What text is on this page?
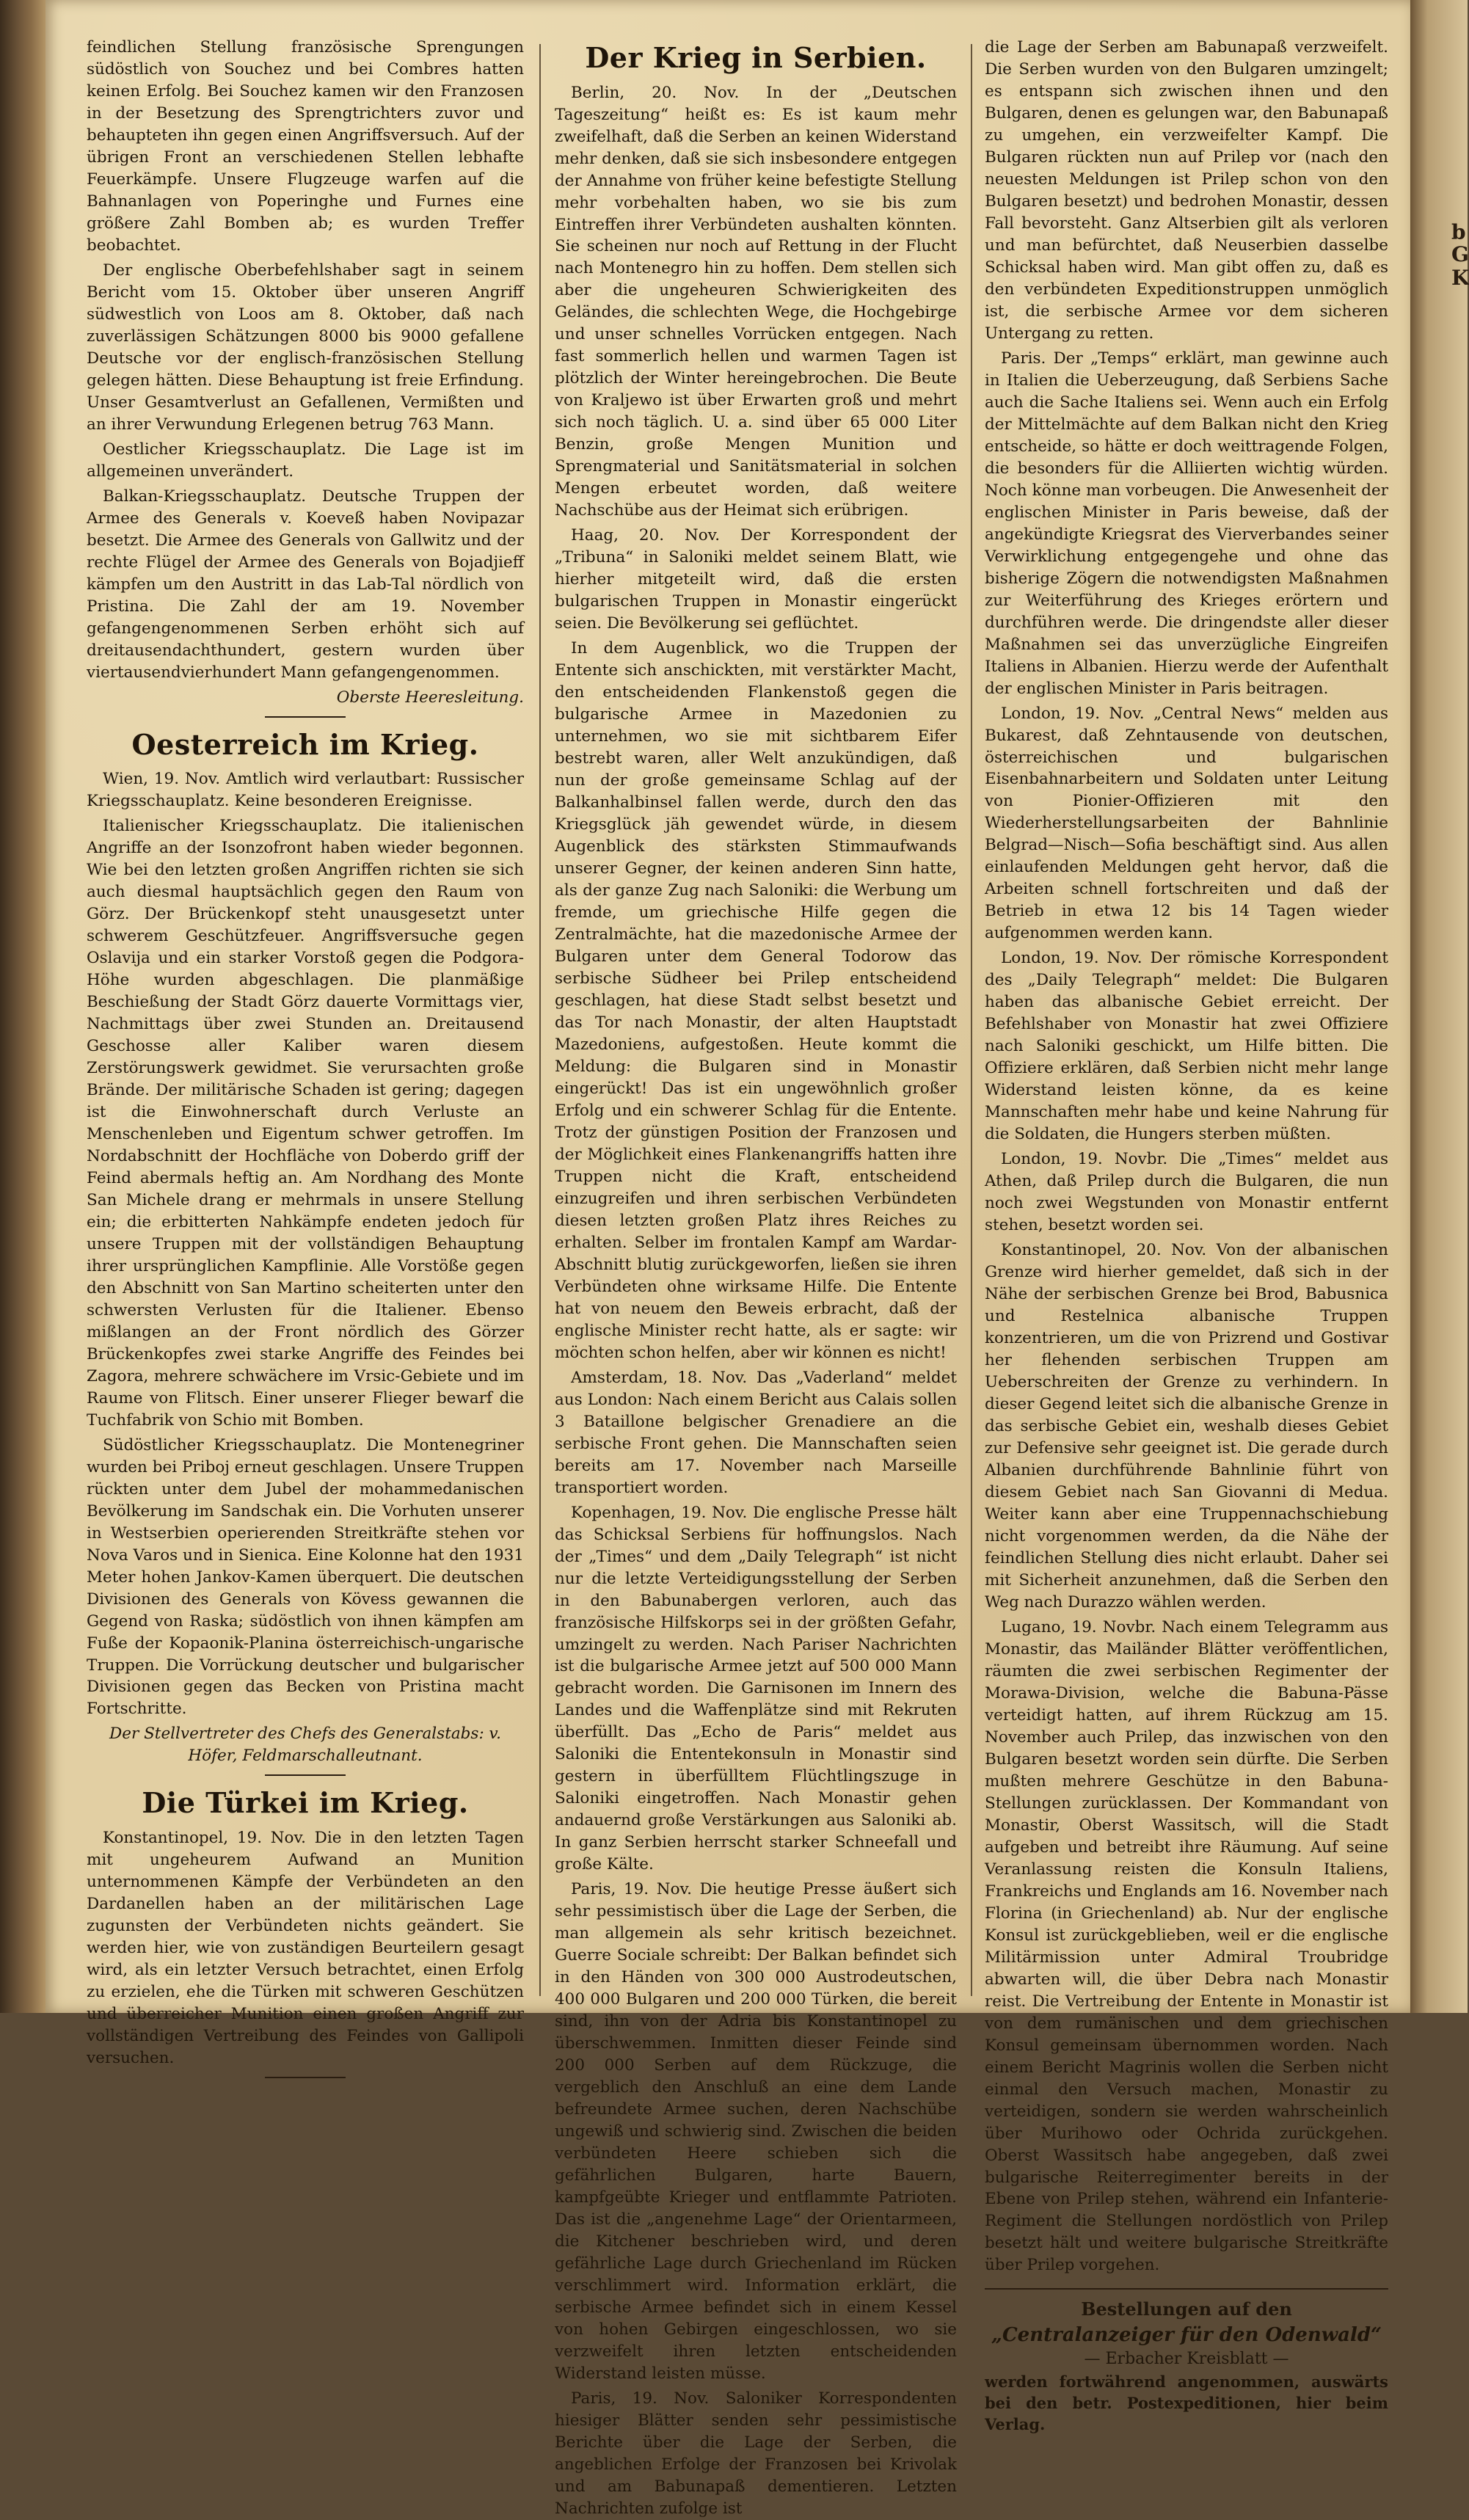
feindlichen Stellung französische Sprengungen südöstlich von Souchez und bei Combres hatten keinen Erfolg. Bei Souchez kamen wir den Franzosen in der Besetzung des Sprengtrichters zuvor und behaupteten ihn gegen einen Angriffsversuch. Auf der übrigen Front an verschiedenen Stellen lebhafte Feuerkämpfe. Unsere Flugzeuge warfen auf die Bahnanlagen von Poperinghe und Furnes eine größere Zahl Bomben ab; es wurden Treffer beobachtet.

Der englische Oberbefehlshaber sagt in seinem Bericht vom 15. Oktober über unseren Angriff südwestlich von Loos am 8. Oktober, daß nach zuverlässigen Schätzungen 8000 bis 9000 gefallene Deutsche vor der englisch-französischen Stellung gelegen hätten. Diese Behauptung ist freie Erfindung. Unser Gesamtverlust an Gefallenen, Vermißten und an ihrer Verwundung Erlegenen betrug 763 Mann.

Oestlicher Kriegsschauplatz. Die Lage ist im allgemeinen unverändert.

Balkan-Kriegsschauplatz. Deutsche Truppen der Armee des Generals v. Koeveß haben Novipazar besetzt. Die Armee des Generals von Gallwitz und der rechte Flügel der Armee des Generals von Bojadjieff kämpfen um den Austritt in das Lab-Tal nördlich von Pristina. Die Zahl der am 19. November gefangengenommenen Serben erhöht sich auf dreitausendachthundert, gestern wurden über viertausendvierhundert Mann gefangengenommen.

Oberste Heeresleitung.
Oesterreich im Krieg.

Wien, 19. Nov. Amtlich wird verlautbart: Russischer Kriegsschauplatz. Keine besonderen Ereignisse.

Italienischer Kriegsschauplatz. Die italienischen Angriffe an der Isonzofront haben wieder begonnen. Wie bei den letzten großen Angriffen richten sie sich auch diesmal hauptsächlich gegen den Raum von Görz. Der Brückenkopf steht unausgesetzt unter schwerem Geschützfeuer. Angriffsversuche gegen Oslavija und ein starker Vorstoß gegen die Podgora-Höhe wurden abgeschlagen. Die planmäßige Beschießung der Stadt Görz dauerte Vormittags vier, Nachmittags über zwei Stunden an. Dreitausend Geschosse aller Kaliber waren diesem Zerstörungswerk gewidmet. Sie verursachten große Brände. Der militärische Schaden ist gering; dagegen ist die Einwohnerschaft durch Verluste an Menschenleben und Eigentum schwer getroffen. Im Nordabschnitt der Hochfläche von Doberdo griff der Feind abermals heftig an. Am Nordhang des Monte San Michele drang er mehrmals in unsere Stellung ein; die erbitterten Nahkämpfe endeten jedoch für unsere Truppen mit der vollständigen Behauptung ihrer ursprünglichen Kampflinie. Alle Vorstöße gegen den Abschnitt von San Martino scheiterten unter den schwersten Verlusten für die Italiener. Ebenso mißlangen an der Front nördlich des Görzer Brückenkopfes zwei starke Angriffe des Feindes bei Zagora, mehrere schwächere im Vrsic-Gebiete und im Raume von Flitsch. Einer unserer Flieger bewarf die Tuchfabrik von Schio mit Bomben.

Südöstlicher Kriegsschauplatz. Die Montenegriner wurden bei Priboj erneut geschlagen. Unsere Truppen rückten unter dem Jubel der mohammedanischen Bevölkerung im Sandschak ein. Die Vorhuten unserer in Westserbien operierenden Streitkräfte stehen vor Nova Varos und in Sienica. Eine Kolonne hat den 1931 Meter hohen Jankov-Kamen überquert. Die deutschen Divisionen des Generals von Kövess gewannen die Gegend von Raska; südöstlich von ihnen kämpfen am Fuße der Kopaonik-Planina österreichisch-ungarische Truppen. Die Vorrückung deutscher und bulgarischer Divisionen gegen das Becken von Pristina macht Fortschritte.

Der Stellvertreter des Chefs des Generalstabs: v. Höfer, Feldmarschalleutnant.
Die Türkei im Krieg.

Konstantinopel, 19. Nov. Die in den letzten Tagen mit ungeheurem Aufwand an Munition unternommenen Kämpfe der Verbündeten an den Dardanellen haben an der militärischen Lage zugunsten der Verbündeten nichts geändert. Sie werden hier, wie von zuständigen Beurteilern gesagt wird, als ein letzter Versuch betrachtet, einen Erfolg zu erzielen, ehe die Türken mit schweren Geschützen und überreicher Munition einen großen Angriff zur vollständigen Vertreibung des Feindes von Gallipoli versuchen.

Der Krieg in Serbien.

Berlin, 20. Nov. In der „Deutschen Tageszeitung“ heißt es: Es ist kaum mehr zweifelhaft, daß die Serben an keinen Widerstand mehr denken, daß sie sich insbesondere entgegen der Annahme von früher keine befestigte Stellung mehr vorbehalten haben, wo sie bis zum Eintreffen ihrer Verbündeten aushalten könnten. Sie scheinen nur noch auf Rettung in der Flucht nach Montenegro hin zu hoffen. Dem stellen sich aber die ungeheuren Schwierigkeiten des Geländes, die schlechten Wege, die Hochgebirge und unser schnelles Vorrücken entgegen. Nach fast sommerlich hellen und warmen Tagen ist plötzlich der Winter hereingebrochen. Die Beute von Kraljewo ist über Erwarten groß und mehrt sich noch täglich. U. a. sind über 65 000 Liter Benzin, große Mengen Munition und Sprengmaterial und Sanitätsmaterial in solchen Mengen erbeutet worden, daß weitere Nachschübe aus der Heimat sich erübrigen.

Haag, 20. Nov. Der Korrespondent der „Tribuna“ in Saloniki meldet seinem Blatt, wie hierher mitgeteilt wird, daß die ersten bulgarischen Truppen in Monastir eingerückt seien. Die Bevölkerung sei geflüchtet.

In dem Augenblick, wo die Truppen der Entente sich anschickten, mit verstärkter Macht, den entscheidenden Flankenstoß gegen die bulgarische Armee in Mazedonien zu unternehmen, wo sie mit sichtbarem Eifer bestrebt waren, aller Welt anzukündigen, daß nun der große gemeinsame Schlag auf der Balkanhalbinsel fallen werde, durch den das Kriegsglück jäh gewendet würde, in diesem Augenblick des stärksten Stimmaufwands unserer Gegner, der keinen anderen Sinn hatte, als der ganze Zug nach Saloniki: die Werbung um fremde, um griechische Hilfe gegen die Zentralmächte, hat die mazedonische Armee der Bulgaren unter dem General Todorow das serbische Südheer bei Prilep entscheidend geschlagen, hat diese Stadt selbst besetzt und das Tor nach Monastir, der alten Hauptstadt Mazedoniens, aufgestoßen. Heute kommt die Meldung: die Bulgaren sind in Monastir eingerückt! Das ist ein ungewöhnlich großer Erfolg und ein schwerer Schlag für die Entente. Trotz der günstigen Position der Franzosen und der Möglichkeit eines Flankenangriffs hatten ihre Truppen nicht die Kraft, entscheidend einzugreifen und ihren serbischen Verbündeten diesen letzten großen Platz ihres Reiches zu erhalten. Selber im frontalen Kampf am Wardar-Abschnitt blutig zurückgeworfen, ließen sie ihren Verbündeten ohne wirksame Hilfe. Die Entente hat von neuem den Beweis erbracht, daß der englische Minister recht hatte, als er sagte: wir möchten schon helfen, aber wir können es nicht!

Amsterdam, 18. Nov. Das „Vaderland“ meldet aus London: Nach einem Bericht aus Calais sollen 3 Bataillone belgischer Grenadiere an die serbische Front gehen. Die Mannschaften seien bereits am 17. November nach Marseille transportiert worden.

Kopenhagen, 19. Nov. Die englische Presse hält das Schicksal Serbiens für hoffnungslos. Nach der „Times“ und dem „Daily Telegraph“ ist nicht nur die letzte Verteidigungsstellung der Serben in den Babunabergen verloren, auch das französische Hilfskorps sei in der größten Gefahr, umzingelt zu werden. Nach Pariser Nachrichten ist die bulgarische Armee jetzt auf 500 000 Mann gebracht worden. Die Garnisonen im Innern des Landes und die Waffenplätze sind mit Rekruten überfüllt. Das „Echo de Paris“ meldet aus Saloniki die Ententekonsuln in Monastir sind gestern in überfülltem Flüchtlingszuge in Saloniki eingetroffen. Nach Monastir gehen andauernd große Verstärkungen aus Saloniki ab. In ganz Serbien herrscht starker Schneefall und große Kälte.

Paris, 19. Nov. Die heutige Presse äußert sich sehr pessimistisch über die Lage der Serben, die man allgemein als sehr kritisch bezeichnet. Guerre Sociale schreibt: Der Balkan befindet sich in den Händen von 300 000 Austrodeutschen, 400 000 Bulgaren und 200 000 Türken, die bereit sind, ihn von der Adria bis Konstantinopel zu überschwemmen. Inmitten dieser Feinde sind 200 000 Serben auf dem Rückzuge, die vergeblich den Anschluß an eine dem Lande befreundete Armee suchen, deren Nachschübe ungewiß und schwierig sind. Zwischen die beiden verbündeten Heere schieben sich die gefährlichen Bulgaren, harte Bauern, kampfgeübte Krieger und entflammte Patrioten. Das ist die „angenehme Lage“ der Orientarmeen, die Kitchener beschrieben wird, und deren gefährliche Lage durch Griechenland im Rücken verschlimmert wird. Information erklärt, die serbische Armee befindet sich in einem Kessel von hohen Gebirgen eingeschlossen, wo sie verzweifelt ihren letzten entscheidenden Widerstand leisten müsse.

Paris, 19. Nov. Saloniker Korrespondenten hiesiger Blätter senden sehr pessimistische Berichte über die Lage der Serben, die angeblichen Erfolge der Franzosen bei Krivolak und am Babunapaß dementieren. Letzten Nachrichten zufolge ist

die Lage der Serben am Babunapaß verzweifelt. Die Serben wurden von den Bulgaren umzingelt; es entspann sich zwischen ihnen und den Bulgaren, denen es gelungen war, den Babunapaß zu umgehen, ein verzweifelter Kampf. Die Bulgaren rückten nun auf Prilep vor (nach den neuesten Meldungen ist Prilep schon von den Bulgaren besetzt) und bedrohen Monastir, dessen Fall bevorsteht. Ganz Altserbien gilt als verloren und man befürchtet, daß Neuserbien dasselbe Schicksal haben wird. Man gibt offen zu, daß es den verbündeten Expeditionstruppen unmöglich ist, die serbische Armee vor dem sicheren Untergang zu retten.

Paris. Der „Temps“ erklärt, man gewinne auch in Italien die Ueberzeugung, daß Serbiens Sache auch die Sache Italiens sei. Wenn auch ein Erfolg der Mittelmächte auf dem Balkan nicht den Krieg entscheide, so hätte er doch weittragende Folgen, die besonders für die Alliierten wichtig würden. Noch könne man vorbeugen. Die Anwesenheit der englischen Minister in Paris beweise, daß der angekündigte Kriegsrat des Vierverbandes seiner Verwirklichung entgegengehe und ohne das bisherige Zögern die notwendigsten Maßnahmen zur Weiterführung des Krieges erörtern und durchführen werde. Die dringendste aller dieser Maßnahmen sei das unverzügliche Eingreifen Italiens in Albanien. Hierzu werde der Aufenthalt der englischen Minister in Paris beitragen.

London, 19. Nov. „Central News“ melden aus Bukarest, daß Zehntausende von deutschen, österreichischen und bulgarischen Eisenbahnarbeitern und Soldaten unter Leitung von Pionier-Offizieren mit den Wiederherstellungsarbeiten der Bahnlinie Belgrad—Nisch—Sofia beschäftigt sind. Aus allen einlaufenden Meldungen geht hervor, daß die Arbeiten schnell fortschreiten und daß der Betrieb in etwa 12 bis 14 Tagen wieder aufgenommen werden kann.

London, 19. Nov. Der römische Korrespondent des „Daily Telegraph“ meldet: Die Bulgaren haben das albanische Gebiet erreicht. Der Befehlshaber von Monastir hat zwei Offiziere nach Saloniki geschickt, um Hilfe bitten. Die Offiziere erklären, daß Serbien nicht mehr lange Widerstand leisten könne, da es keine Mannschaften mehr habe und keine Nahrung für die Soldaten, die Hungers sterben müßten.

London, 19. Novbr. Die „Times“ meldet aus Athen, daß Prilep durch die Bulgaren, die nun noch zwei Wegstunden von Monastir entfernt stehen, besetzt worden sei.

Konstantinopel, 20. Nov. Von der albanischen Grenze wird hierher gemeldet, daß sich in der Nähe der serbischen Grenze bei Brod, Babusnica und Restelnica albanische Truppen konzentrieren, um die von Prizrend und Gostivar her flehenden serbischen Truppen am Ueberschreiten der Grenze zu verhindern. In dieser Gegend leitet sich die albanische Grenze in das serbische Gebiet ein, weshalb dieses Gebiet zur Defensive sehr geeignet ist. Die gerade durch Albanien durchführende Bahnlinie führt von diesem Gebiet nach San Giovanni di Medua. Weiter kann aber eine Truppennachschiebung nicht vorgenommen werden, da die Nähe der feindlichen Stellung dies nicht erlaubt. Daher sei mit Sicherheit anzunehmen, daß die Serben den Weg nach Durazzo wählen werden.

Lugano, 19. Novbr. Nach einem Telegramm aus Monastir, das Mailänder Blätter veröffentlichen, räumten die zwei serbischen Regimenter der Morawa-Division, welche die Babuna-Pässe verteidigt hatten, auf ihrem Rückzug am 15. November auch Prilep, das inzwischen von den Bulgaren besetzt worden sein dürfte. Die Serben mußten mehrere Geschütze in den Babuna-Stellungen zurücklassen. Der Kommandant von Monastir, Oberst Wassitsch, will die Stadt aufgeben und betreibt ihre Räumung. Auf seine Veranlassung reisten die Konsuln Italiens, Frankreichs und Englands am 16. November nach Florina (in Griechenland) ab. Nur der englische Konsul ist zurückgeblieben, weil er die englische Militärmission unter Admiral Troubridge abwarten will, die über Debra nach Monastir reist. Die Vertreibung der Entente in Monastir ist von dem rumänischen und dem griechischen Konsul gemeinsam übernommen worden. Nach einem Bericht Magrinis wollen die Serben nicht einmal den Versuch machen, Monastir zu verteidigen, sondern sie werden wahrscheinlich über Murihowo oder Ochrida zurückgehen. Oberst Wassitsch habe angegeben, daß zwei bulgarische Reiterregimenter bereits in der Ebene von Prilep stehen, während ein Infanterie-Regiment die Stellungen nordöstlich von Prilep besetzt hält und weitere bulgarische Streitkräfte über Prilep vorgehen.

Bestellungen auf den
„Centralanzeiger für den Odenwald“
— Erbacher Kreisblatt —
werden fortwährend angenommen, auswärts bei den betr. Postexpeditionen, hier beim Verlag.
b
G
K
